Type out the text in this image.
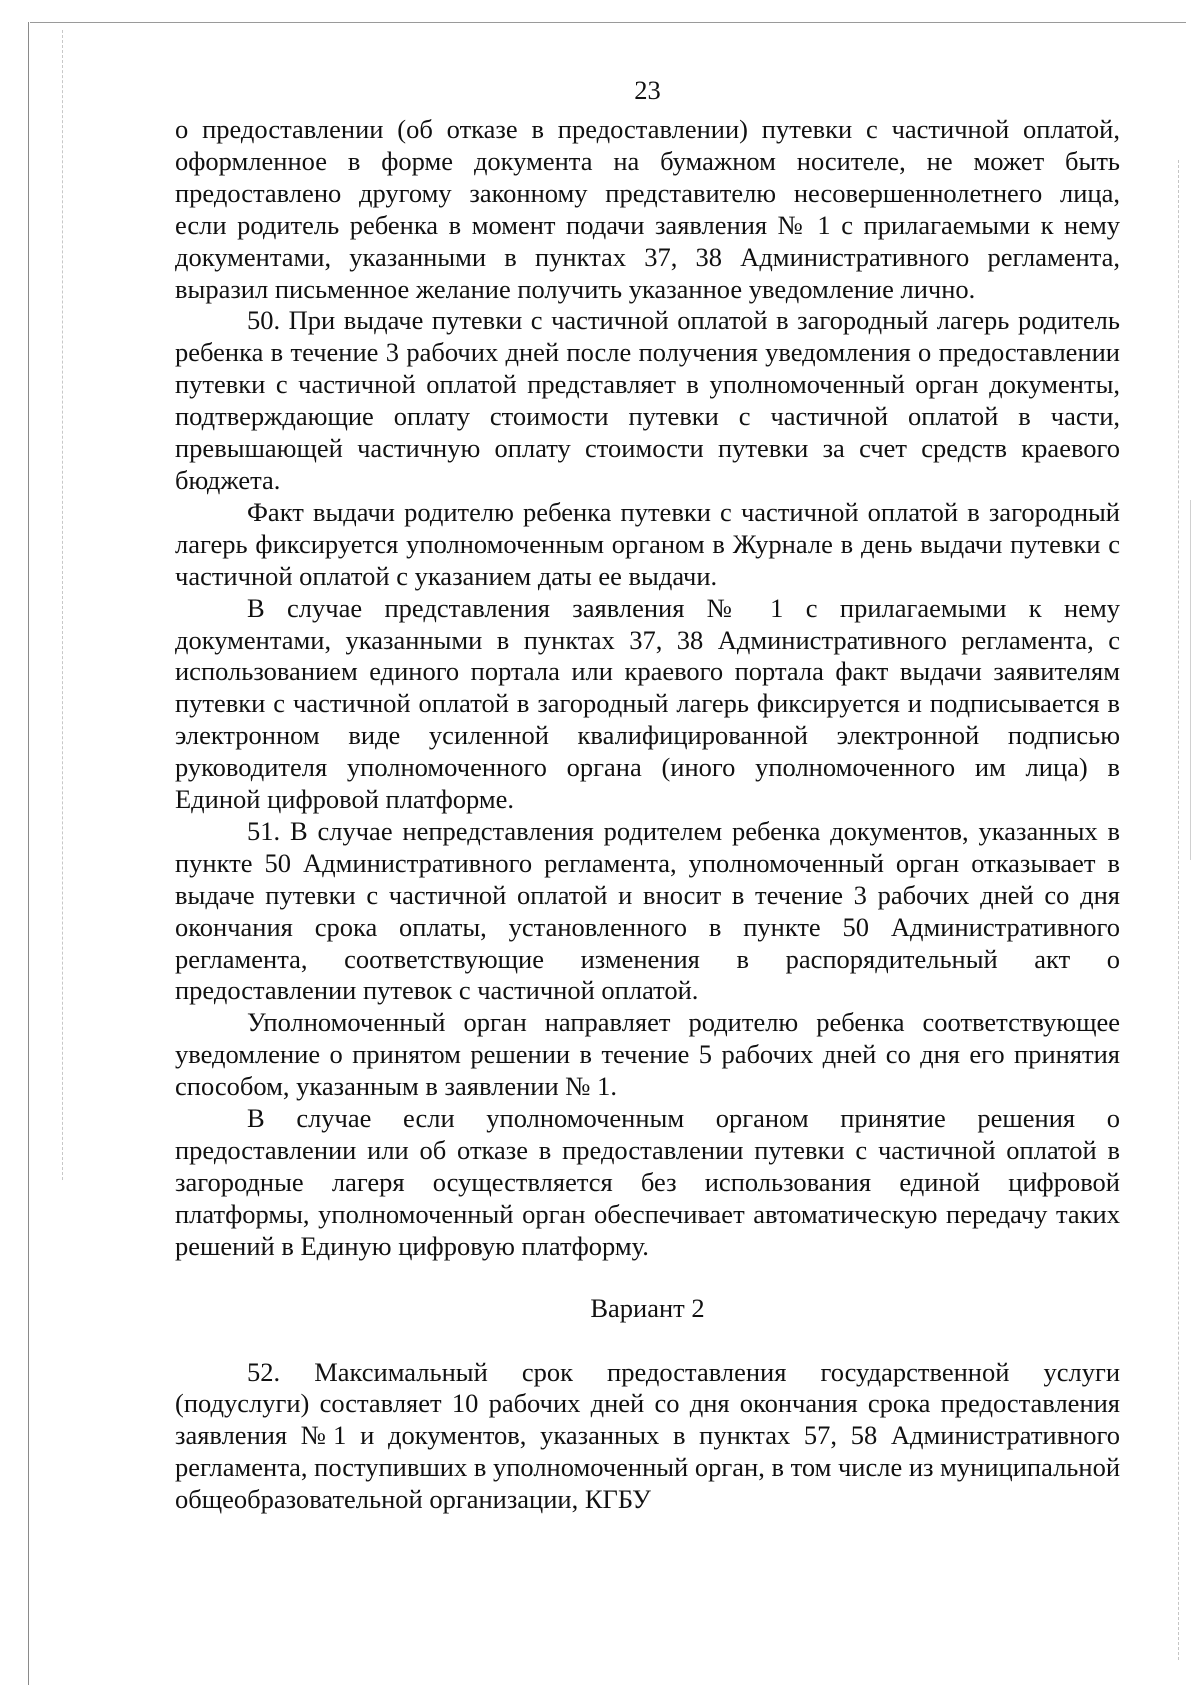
23

о предоставлении (об отказе в предоставлении) путевки с частичной оплатой, оформленное в форме документа на бумажном носителе, не может быть предоставлено другому законному представителю несовершеннолетнего лица, если родитель ребенка в момент подачи заявления № 1 с прилагаемыми к нему документами, указанными в пунктах 37, 38 Административного регламента, выразил письменное желание получить указанное уведомление лично.

50. При выдаче путевки с частичной оплатой в загородный лагерь родитель ребенка в течение 3 рабочих дней после получения уведомления о предоставлении путевки с частичной оплатой представляет в уполномоченный орган документы, подтверждающие оплату стоимости путевки с частичной оплатой в части, превышающей частичную оплату стоимости путевки за счет средств краевого бюджета.

Факт выдачи родителю ребенка путевки с частичной оплатой в загородный лагерь фиксируется уполномоченным органом в Журнале в день выдачи путевки с частичной оплатой с указанием даты ее выдачи.

В случае представления заявления № 1 с прилагаемыми к нему документами, указанными в пунктах 37, 38 Административного регламента, с использованием единого портала или краевого портала факт выдачи заявителям путевки с частичной оплатой в загородный лагерь фиксируется и подписывается в электронном виде усиленной квалифицированной электронной подписью руководителя уполномоченного органа (иного уполномоченного им лица) в Единой цифровой платформе.

51. В случае непредставления родителем ребенка документов, указанных в пункте 50 Административного регламента, уполномоченный орган отказывает в выдаче путевки с частичной оплатой и вносит в течение 3 рабочих дней со дня окончания срока оплаты, установленного в пункте 50 Административного регламента, соответствующие изменения в распорядительный акт о предоставлении путевок с частичной оплатой.

Уполномоченный орган направляет родителю ребенка соответствующее уведомление о принятом решении в течение 5 рабочих дней со дня его принятия способом, указанным в заявлении № 1.

В случае если уполномоченным органом принятие решения о предоставлении или об отказе в предоставлении путевки с частичной оплатой в загородные лагеря осуществляется без использования единой цифровой платформы, уполномоченный орган обеспечивает автоматическую передачу таких решений в Единую цифровую платформу.

Вариант 2

52. Максимальный срок предоставления государственной услуги (подуслуги) составляет 10 рабочих дней со дня окончания срока предоставления заявления №1 и документов, указанных в пунктах 57, 58 Административного регламента, поступивших в уполномоченный орган, в том числе из муниципальной общеобразовательной организации, КГБУ
